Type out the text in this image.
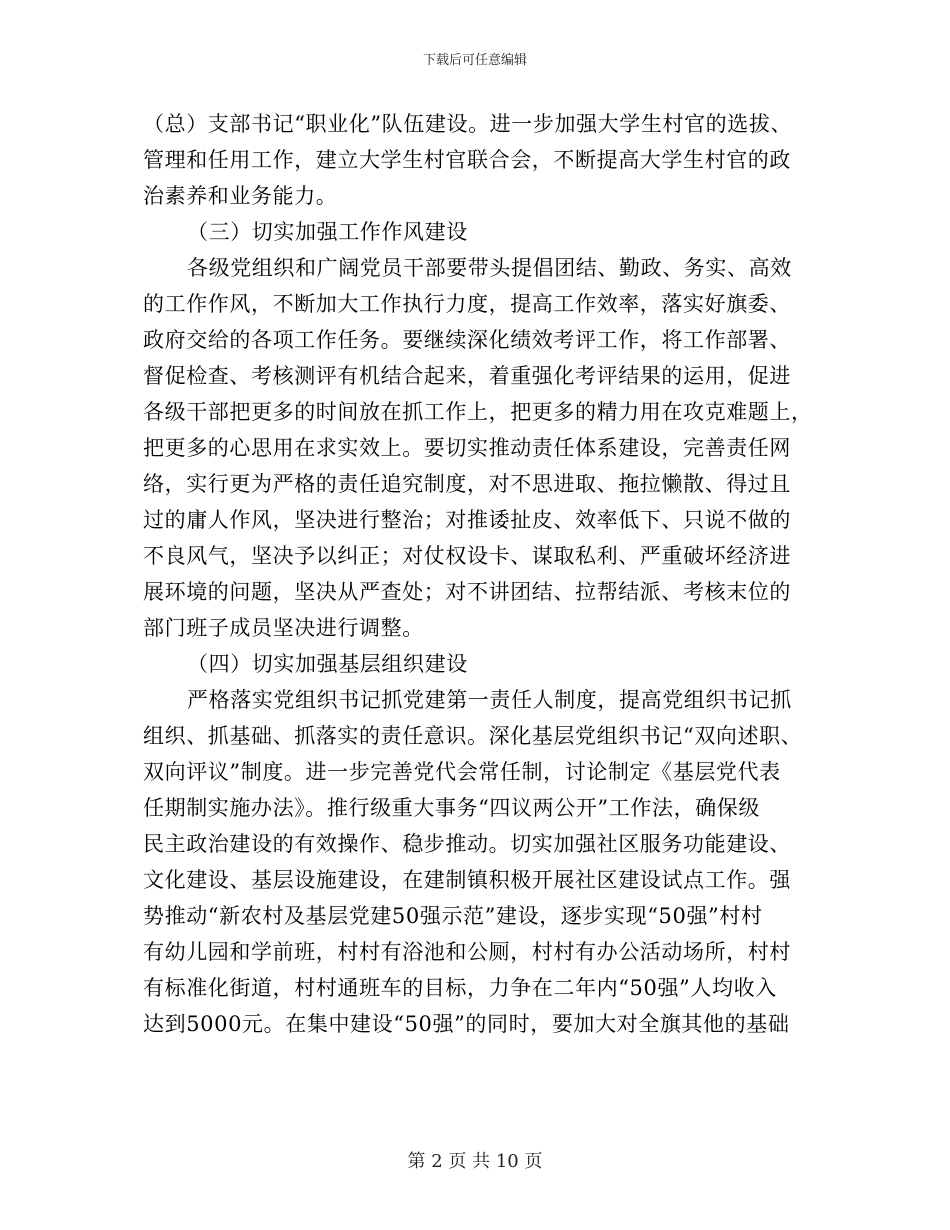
下载后可任意编辑
（总）支部书记“职业化”队伍建设。进一步加强大学生村官的选拔、
管理和任用工作，建立大学生村官联合会，不断提高大学生村官的政
治素养和业务能力。
（三）切实加强工作作风建设
各级党组织和广阔党员干部要带头提倡团结、勤政、务实、高效
的工作作风，不断加大工作执行力度，提高工作效率，落实好旗委、
政府交给的各项工作任务。要继续深化绩效考评工作，将工作部署、
督促检查、考核测评有机结合起来，着重强化考评结果的运用，促进
各级干部把更多的时间放在抓工作上，把更多的精力用在攻克难题上，
把更多的心思用在求实效上。要切实推动责任体系建设，完善责任网
络，实行更为严格的责任追究制度，对不思进取、拖拉懒散、得过且
过的庸人作风，坚决进行整治；对推诿扯皮、效率低下、只说不做的
不良风气，坚决予以纠正；对仗权设卡、谋取私利、严重破坏经济进
展环境的问题，坚决从严查处；对不讲团结、拉帮结派、考核末位的
部门班子成员坚决进行调整。
（四）切实加强基层组织建设
严格落实党组织书记抓党建第一责任人制度，提高党组织书记抓
组织、抓基础、抓落实的责任意识。深化基层党组织书记“双向述职、
双向评议”制度。进一步完善党代会常任制，讨论制定《基层党代表
任期制实施办法》。推行级重大事务“四议两公开”工作法，确保级
民主政治建设的有效操作、稳步推动。切实加强社区服务功能建设、
文化建设、基层设施建设，在建制镇积极开展社区建设试点工作。强
势推动“新农村及基层党建50强示范”建设，逐步实现“50强”村村
有幼儿园和学前班，村村有浴池和公厕，村村有办公活动场所，村村
有标准化街道，村村通班车的目标，力争在二年内“50强”人均收入
达到5000元。在集中建设“50强”的同时，要加大对全旗其他的基础
第 2 页 共 10 页
